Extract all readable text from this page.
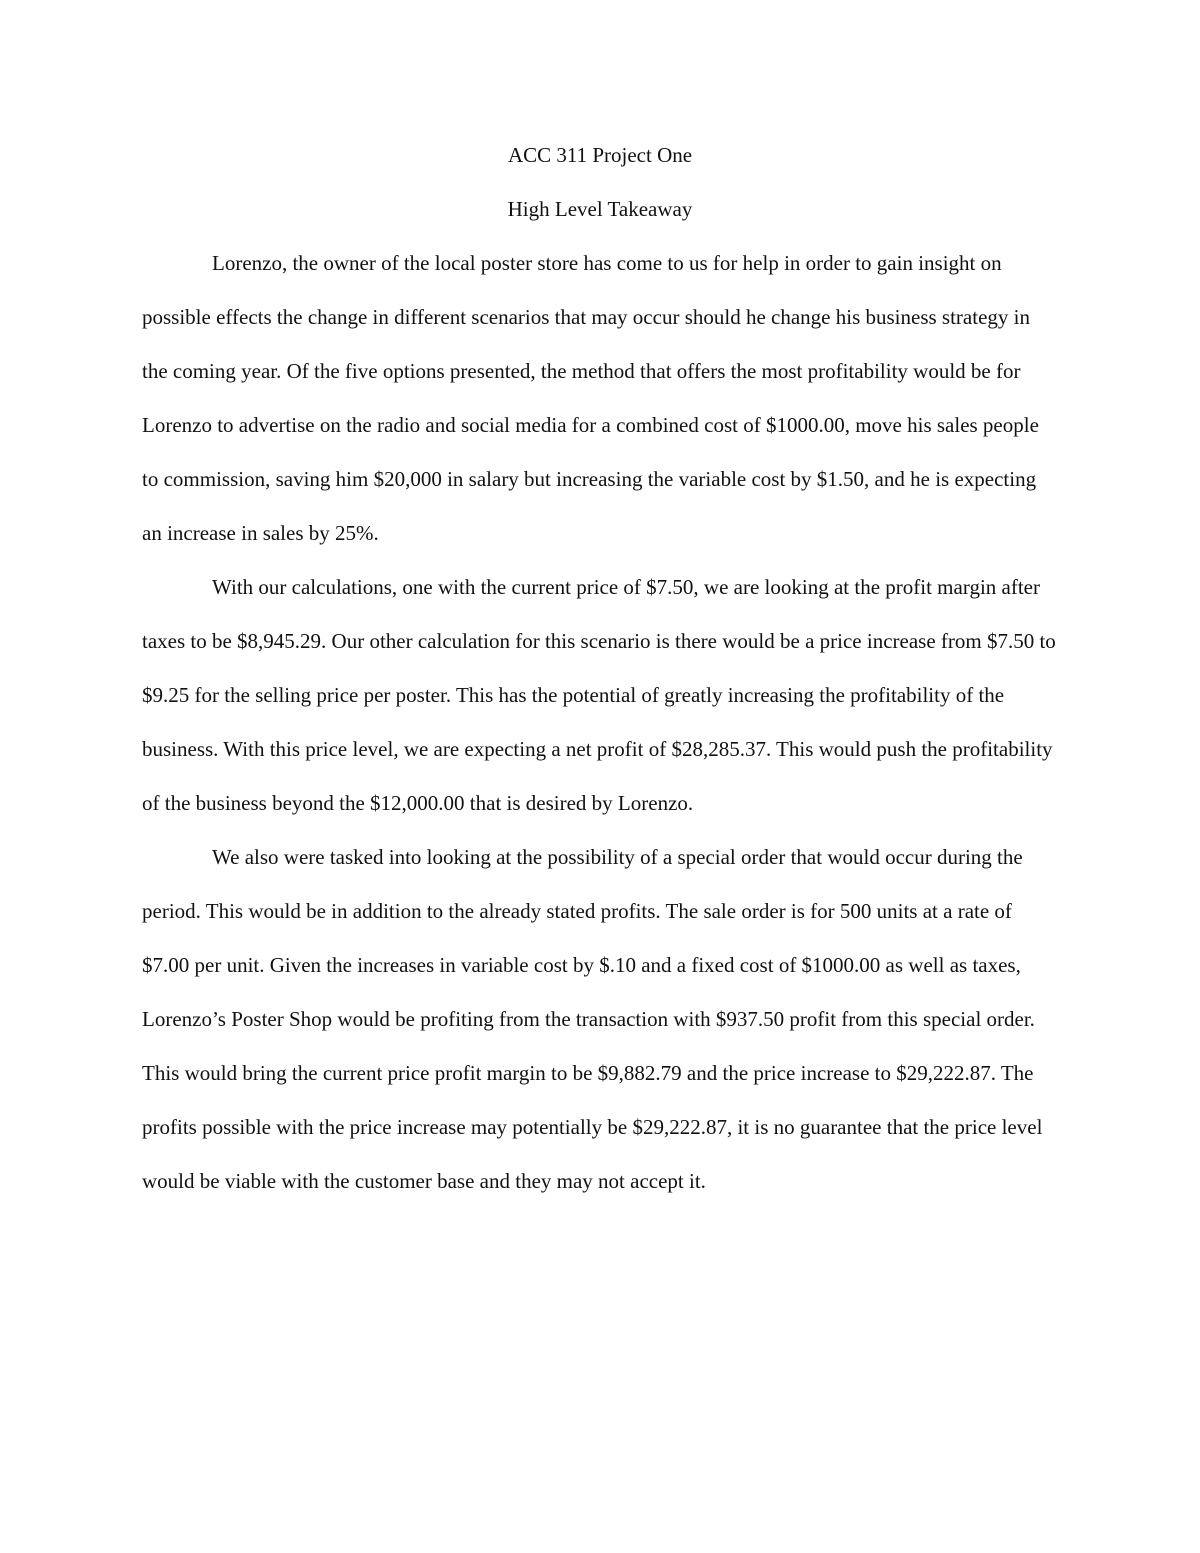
ACC 311 Project One
High Level Takeaway

Lorenzo, the owner of the local poster store has come to us for help in order to gain insight on possible effects the change in different scenarios that may occur should he change his business strategy in the coming year. Of the five options presented, the method that offers the most profitability would be for Lorenzo to advertise on the radio and social media for a combined cost of $1000.00, move his sales people to commission, saving him $20,000 in salary but increasing the variable cost by $1.50, and he is expecting an increase in sales by 25%.

With our calculations, one with the current price of $7.50, we are looking at the profit margin after taxes to be $8,945.29. Our other calculation for this scenario is there would be a price increase from $7.50 to $9.25 for the selling price per poster. This has the potential of greatly increasing the profitability of the business. With this price level, we are expecting a net profit of $28,285.37. This would push the profitability of the business beyond the $12,000.00 that is desired by Lorenzo.

We also were tasked into looking at the possibility of a special order that would occur during the period. This would be in addition to the already stated profits. The sale order is for 500 units at a rate of $7.00 per unit. Given the increases in variable cost by $.10 and a fixed cost of $1000.00 as well as taxes, Lorenzo’s Poster Shop would be profiting from the transaction with $937.50 profit from this special order. This would bring the current price profit margin to be $9,882.79 and the price increase to $29,222.87. The profits possible with the price increase may potentially be $29,222.87, it is no guarantee that the price level would be viable with the customer base and they may not accept it.
